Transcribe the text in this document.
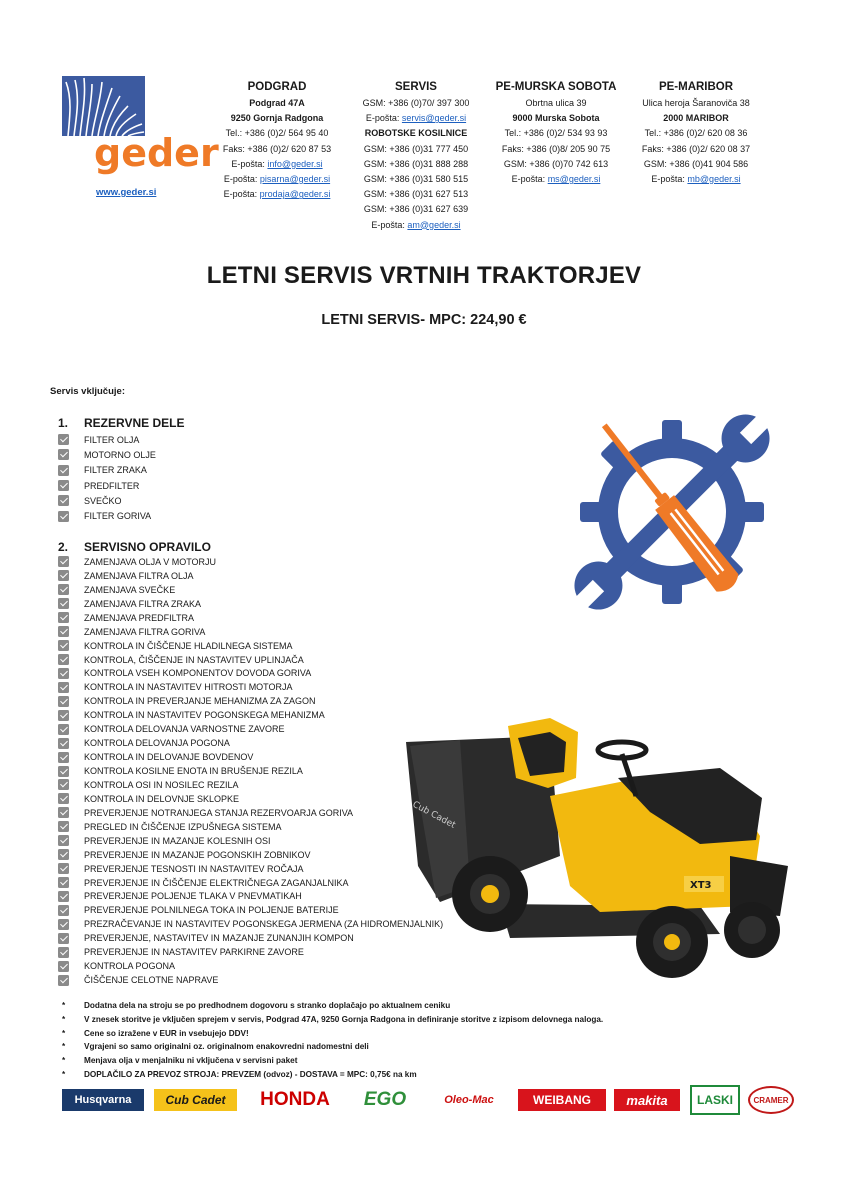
geder
www.geder.si
PODGRAD
Podgrad 47A
9250 Gornja Radgona
Tel.: +386 (0)2/ 564 95 40
Faks: +386 (0)2/ 620 87 53
E-pošta: info@geder.si
E-pošta: pisarna@geder.si
E-pošta: prodaja@geder.si
SERVIS
GSM: +386 (0)70/ 397 300
E-pošta: servis@geder.si
ROBOTSKE KOSILNICE
GSM: +386 (0)31 777 450
GSM: +386 (0)31 888 288
GSM: +386 (0)31 580 515
GSM: +386 (0)31 627 513
GSM: +386 (0)31 627 639
E-pošta: am@geder.si
PE-MURSKA SOBOTA
Obrtna ulica 39
9000 Murska Sobota
Tel.: +386 (0)2/ 534 93 93
Faks: +386 (0)8/ 205 90 75
GSM: +386 (0)70 742 613
E-pošta: ms@geder.si
PE-MARIBOR
Ulica heroja Šaranoviča 38
2000 MARIBOR
Tel.: +386 (0)2/ 620 08 36
Faks: +386 (0)2/ 620 08 37
GSM: +386 (0)41 904 586
E-pošta: mb@geder.si
LETNI SERVIS VRTNIH TRAKTORJEV
LETNI SERVIS- MPC: 224,90 €
Servis vključuje:
1. REZERVNE DELE
FILTER OLJA
MOTORNO OLJE
FILTER ZRAKA
PREDFILTER
SVEČKO
FILTER GORIVA
2. SERVISNO OPRAVILO
ZAMENJAVA OLJA V MOTORJU
ZAMENJAVA FILTRA OLJA
ZAMENJAVA SVEČKE
ZAMENJAVA FILTRA ZRAKA
ZAMENJAVA PREDFILTRA
ZAMENJAVA FILTRA GORIVA
KONTROLA IN ČIŠČENJE HLADILNEGA SISTEMA
KONTROLA, ČIŠČENJE IN NASTAVITEV UPLINJAČA
KONTROLA VSEH KOMPONENTOV DOVODA GORIVA
KONTROLA IN NASTAVITEV HITROSTI MOTORJA
KONTROLA IN PREVERJANJE MEHANIZMA ZA ZAGON
KONTROLA IN NASTAVITEV POGONSKEGA MEHANIZMA
KONTROLA DELOVANJA VARNOSTNE ZAVORE
KONTROLA DELOVANJA POGONA
KONTROLA IN DELOVANJE BOVDENOV
KONTROLA KOSILNE ENOTA IN BRUŠENJE REZILA
KONTROLA OSI IN NOSILEC REZILA
KONTROLA IN DELOVNJE SKLOPKE
PREVERJENJE NOTRANJEGA STANJA REZERVOARJA GORIVA
PREGLED IN ČIŠČENJE IZPUŠNEGA SISTEMA
PREVERJENJE IN MAZANJE KOLESNIH OSI
PREVERJENJE IN MAZANJE POGONSKIH ZOBNIKOV
PREVERJENJE TESNOSTI IN NASTAVITEV ROČAJA
PREVERJENJE IN ČIŠČENJE ELEKTRIČNEGA ZAGANJALNIKA
PREVERJENJE POLJENJE TLAKA V PNEVMATIKAH
PREVERJENJE POLNILNEGA TOKA IN POLJENJE BATERIJE
PREZRAČEVANJE IN NASTAVITEV POGONSKEGA JERMENA (ZA HIDROMENJALNIK)
PREVERJENJE, NASTAVITEV IN MAZANJE ZUNANJIH KOMPON
PREVERJENJE IN NASTAVITEV PARKIRNE ZAVORE
KONTROLA POGONA
ČIŠČENJE CELOTNE NAPRAVE
Cub Cadet
XT3
* Dodatna dela na stroju se po predhodnem dogovoru s stranko doplačajo po aktualnem ceniku
* V znesek storitve je vključen sprejem v servis, Podgrad 47A, 9250 Gornja Radgona in definiranje storitve z izpisom delovnega naloga.
* Cene so izražene v EUR in vsebujejo DDV!
* Vgrajeni so samo originalni oz. originalnom enakovredni nadomestni deli
* Menjava olja v menjalniku ni vključena v servisni paket
* DOPLAČILO ZA PREVOZ STROJA: PREVZEM (odvoz) - DOSTAVA = MPC: 0,75€ na km
Husqvarna	Cub Cadet HONDA EGO	Oleo-Mac	WEIBANG	makita LASKI	CRAMER
